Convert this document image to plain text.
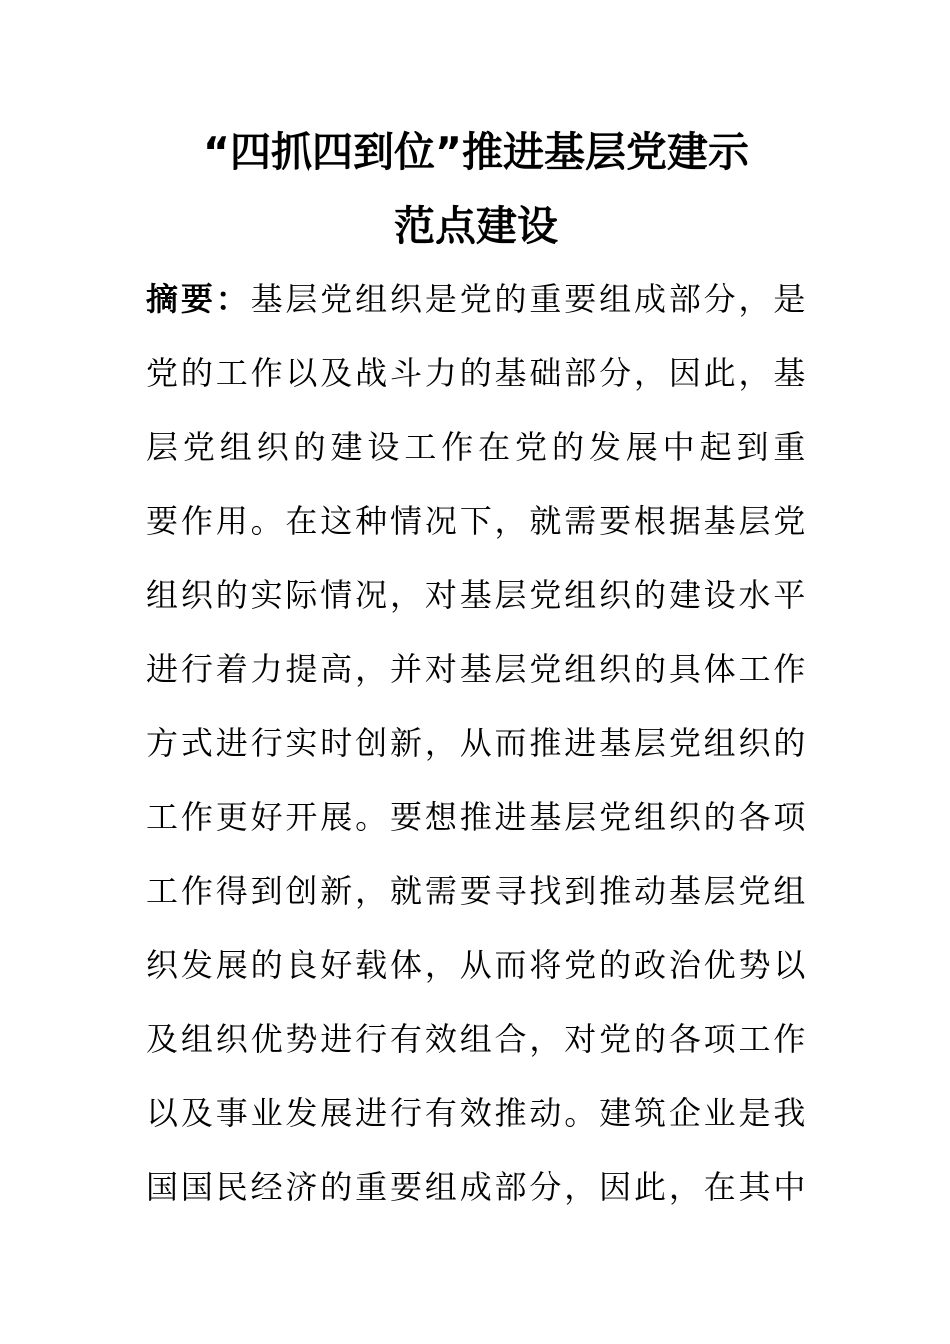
“四抓四到位”推进基层党建示
范点建设
摘要：基层党组织是党的重要组成部分，是
党的工作以及战斗力的基础部分，因此，基
层党组织的建设工作在党的发展中起到重
要作用。在这种情况下，就需要根据基层党
组织的实际情况，对基层党组织的建设水平
进行着力提高，并对基层党组织的具体工作
方式进行实时创新，从而推进基层党组织的
工作更好开展。要想推进基层党组织的各项
工作得到创新，就需要寻找到推动基层党组
织发展的良好载体，从而将党的政治优势以
及组织优势进行有效组合，对党的各项工作
以及事业发展进行有效推动。建筑企业是我
国国民经济的重要组成部分，因此，在其中
